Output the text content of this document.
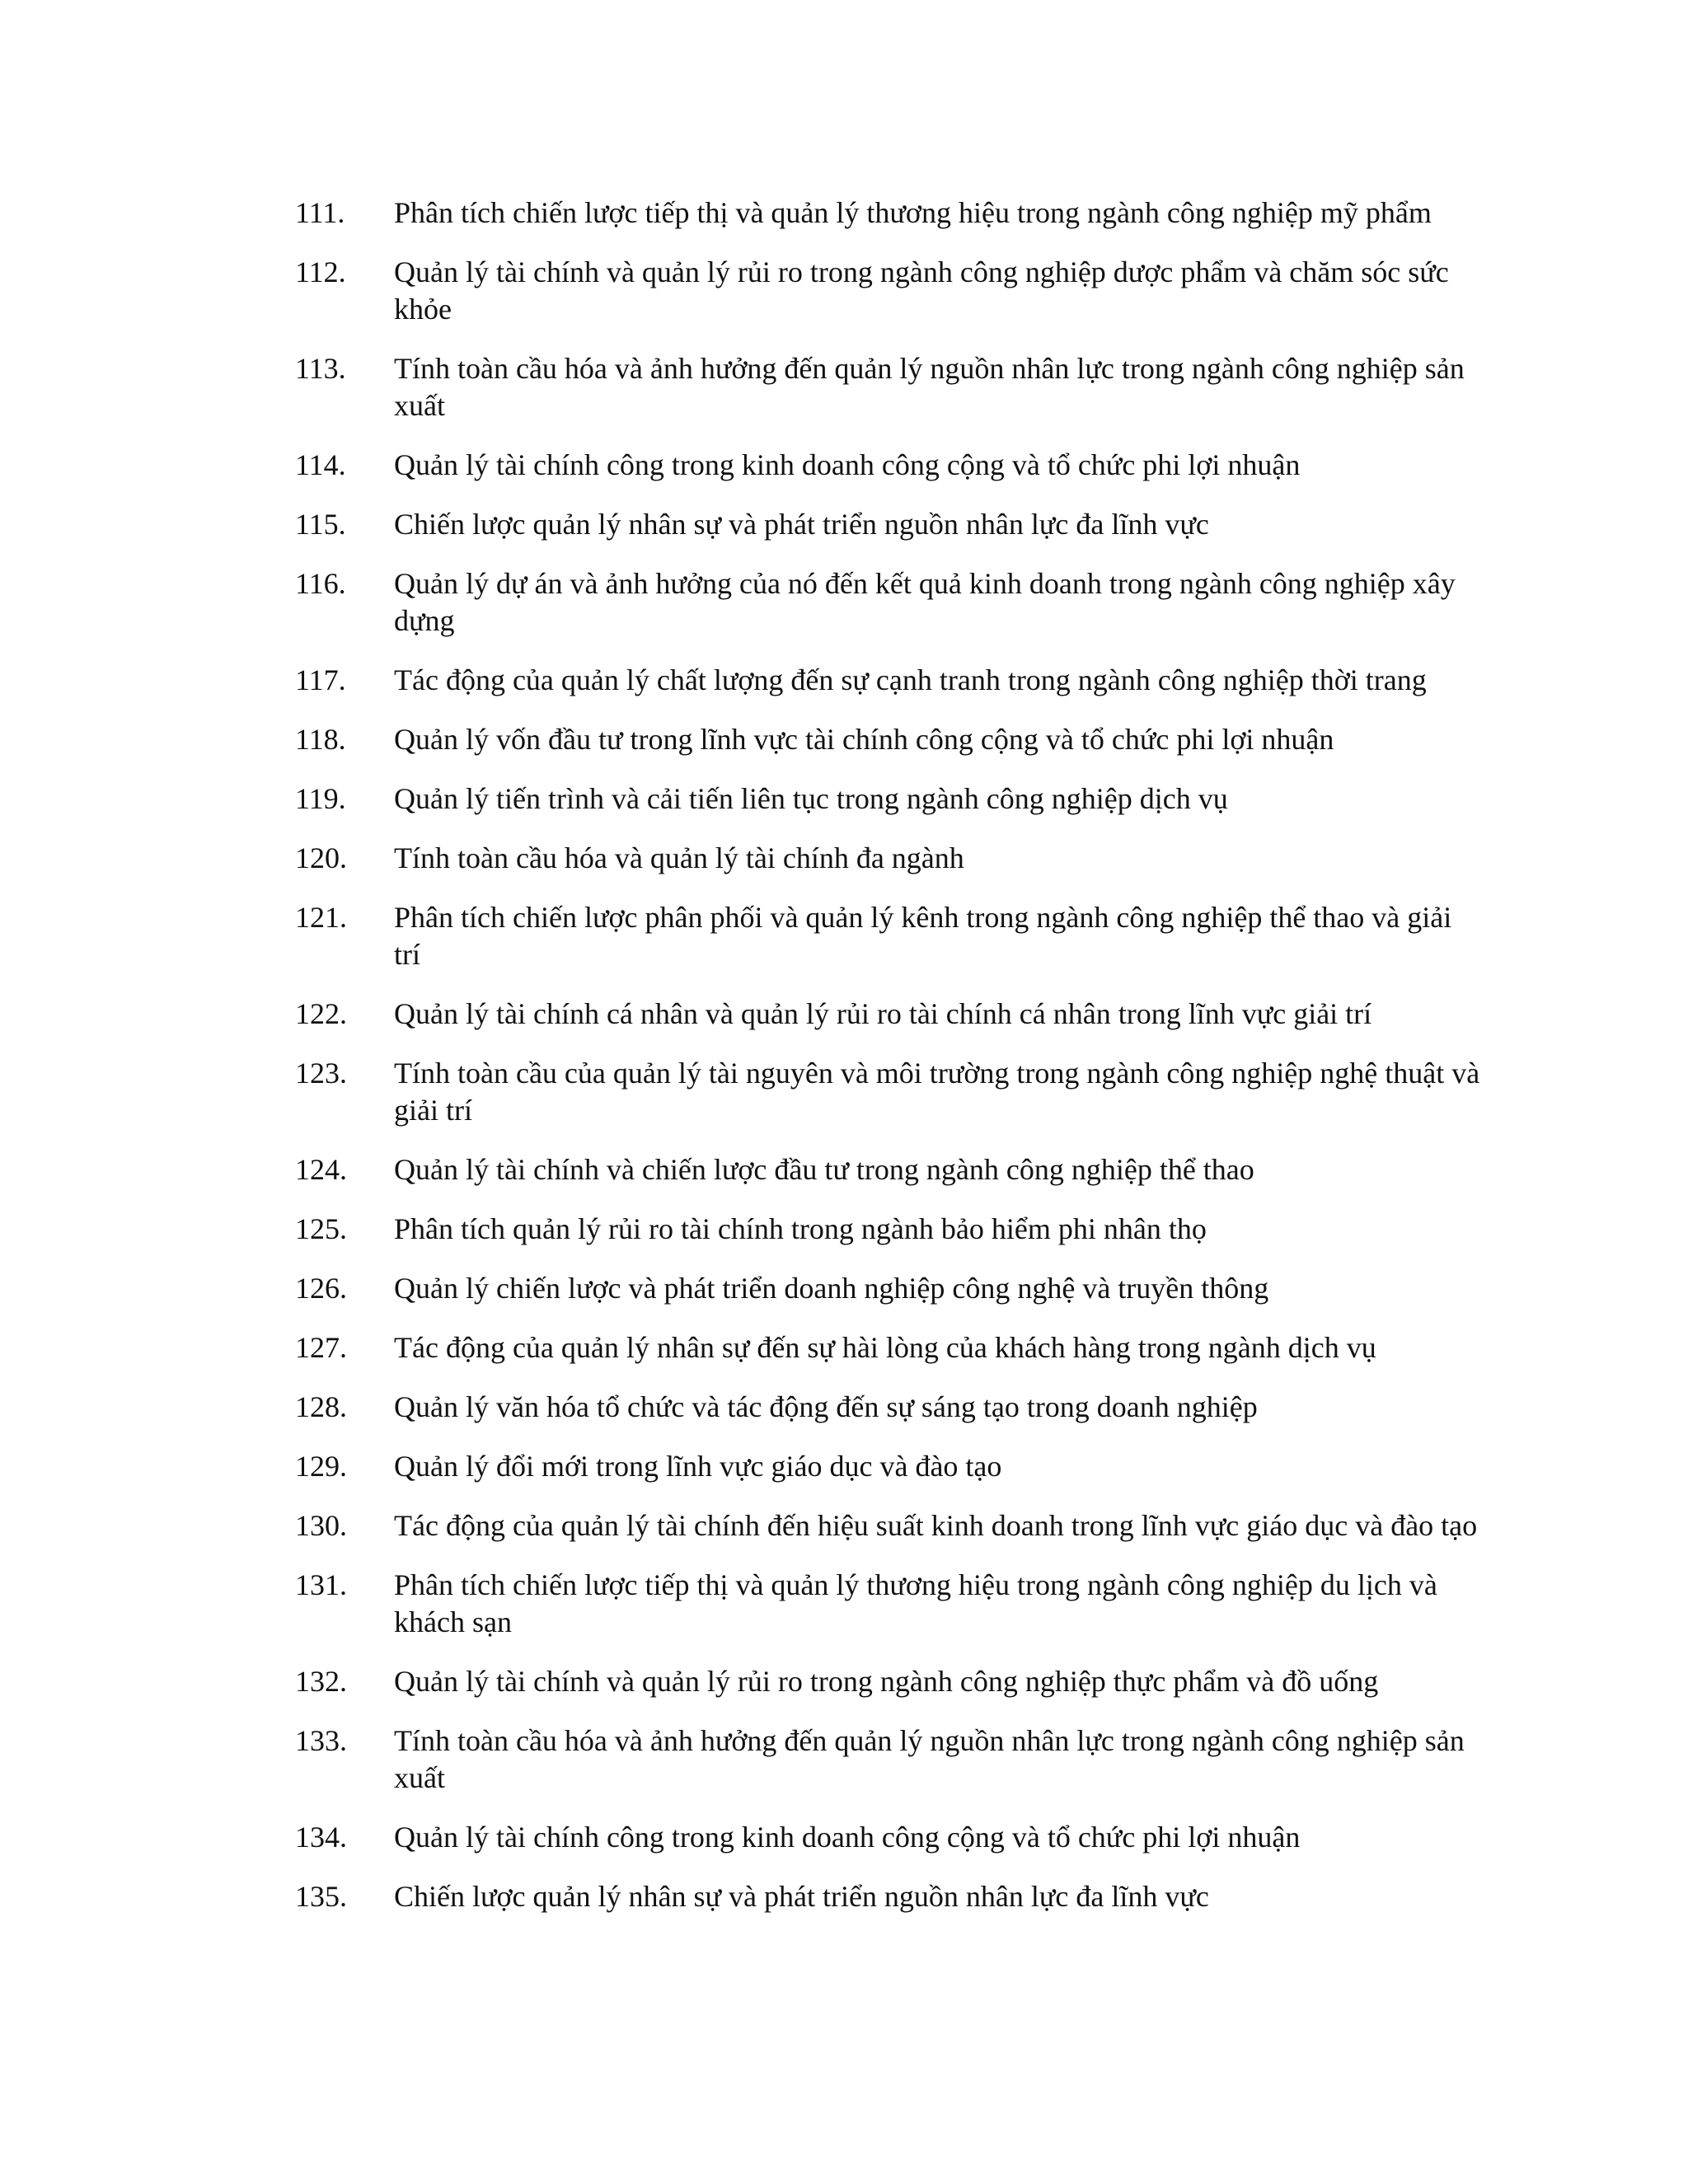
111. Phân tích chiến lược tiếp thị và quản lý thương hiệu trong ngành công nghiệp mỹ phẩm
112. Quản lý tài chính và quản lý rủi ro trong ngành công nghiệp dược phẩm và chăm sóc sức khỏe
113. Tính toàn cầu hóa và ảnh hưởng đến quản lý nguồn nhân lực trong ngành công nghiệp sản xuất
114. Quản lý tài chính công trong kinh doanh công cộng và tổ chức phi lợi nhuận
115. Chiến lược quản lý nhân sự và phát triển nguồn nhân lực đa lĩnh vực
116. Quản lý dự án và ảnh hưởng của nó đến kết quả kinh doanh trong ngành công nghiệp xây dựng
117. Tác động của quản lý chất lượng đến sự cạnh tranh trong ngành công nghiệp thời trang
118. Quản lý vốn đầu tư trong lĩnh vực tài chính công cộng và tổ chức phi lợi nhuận
119. Quản lý tiến trình và cải tiến liên tục trong ngành công nghiệp dịch vụ
120. Tính toàn cầu hóa và quản lý tài chính đa ngành
121. Phân tích chiến lược phân phối và quản lý kênh trong ngành công nghiệp thể thao và giải trí
122. Quản lý tài chính cá nhân và quản lý rủi ro tài chính cá nhân trong lĩnh vực giải trí
123. Tính toàn cầu của quản lý tài nguyên và môi trường trong ngành công nghiệp nghệ thuật và giải trí
124. Quản lý tài chính và chiến lược đầu tư trong ngành công nghiệp thể thao
125. Phân tích quản lý rủi ro tài chính trong ngành bảo hiểm phi nhân thọ
126. Quản lý chiến lược và phát triển doanh nghiệp công nghệ và truyền thông
127. Tác động của quản lý nhân sự đến sự hài lòng của khách hàng trong ngành dịch vụ
128. Quản lý văn hóa tổ chức và tác động đến sự sáng tạo trong doanh nghiệp
129. Quản lý đổi mới trong lĩnh vực giáo dục và đào tạo
130. Tác động của quản lý tài chính đến hiệu suất kinh doanh trong lĩnh vực giáo dục và đào tạo
131. Phân tích chiến lược tiếp thị và quản lý thương hiệu trong ngành công nghiệp du lịch và khách sạn
132. Quản lý tài chính và quản lý rủi ro trong ngành công nghiệp thực phẩm và đồ uống
133. Tính toàn cầu hóa và ảnh hưởng đến quản lý nguồn nhân lực trong ngành công nghiệp sản xuất
134. Quản lý tài chính công trong kinh doanh công cộng và tổ chức phi lợi nhuận
135. Chiến lược quản lý nhân sự và phát triển nguồn nhân lực đa lĩnh vực
